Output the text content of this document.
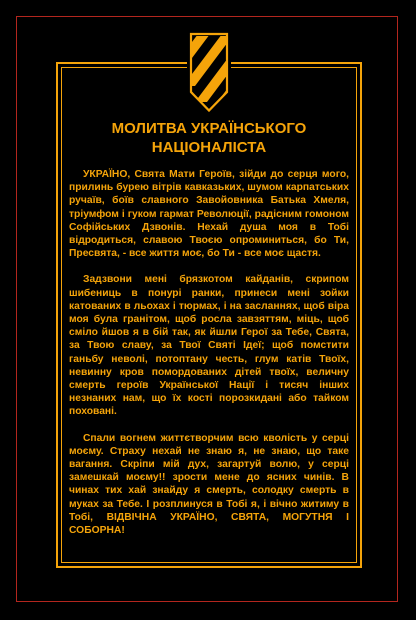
МОЛИТВА УКРАЇНСЬКОГО НАЦІОНАЛІСТА

УКРАЇНО, Свята Мати Героїв, зійди до серця мого, прилинь бурею вітрів кавказьких, шумом карпатських ручаїв, боїв славного Завойовника Батька Хмеля, тріумфом і гуком гармат Революції, радісним гомоном Софійських Дзвонів. Нехай душа моя в Тобі відродиться, славою Твоєю опроминиться, бо Ти, Пресвята, - все життя моє, бо Ти - все моє щастя.

Задзвони мені брязкотом кайданів, скрипом шибениць в понурі ранки, принеси мені зойки катованих в льохах і тюрмах, і на засланнях, щоб віра моя була гранітом, щоб росла завзяттям, міць, щоб сміло йшов я в бій так, як йшли Герої за Тебе, Свята, за Твою славу, за Твої Святі Ідеї; щоб помстити ганьбу неволі, потоптану честь, глум катів Твоїх, невинну кров помордованих дітей твоїх, величну смерть героїв Української Нації і тисяч інших незнаних нам, що їх кості порозкидані або тайком поховані.

Спали вогнем життєтворчим всю кволість у серці моєму. Страху нехай не знаю я, не знаю, що таке вагання. Скріпи мій дух, загартуй волю, у серці замешкай моєму!! зрости мене до ясних чинів. В чинах тих хай знайду я смерть, солодку смерть в муках за Тебе. І розплинуся в Тобі я, і вічно житиму в Тобі, ВІДВІЧНА УКРАЇНО, СВЯТА, МОГУТНЯ І СОБОРНА!
